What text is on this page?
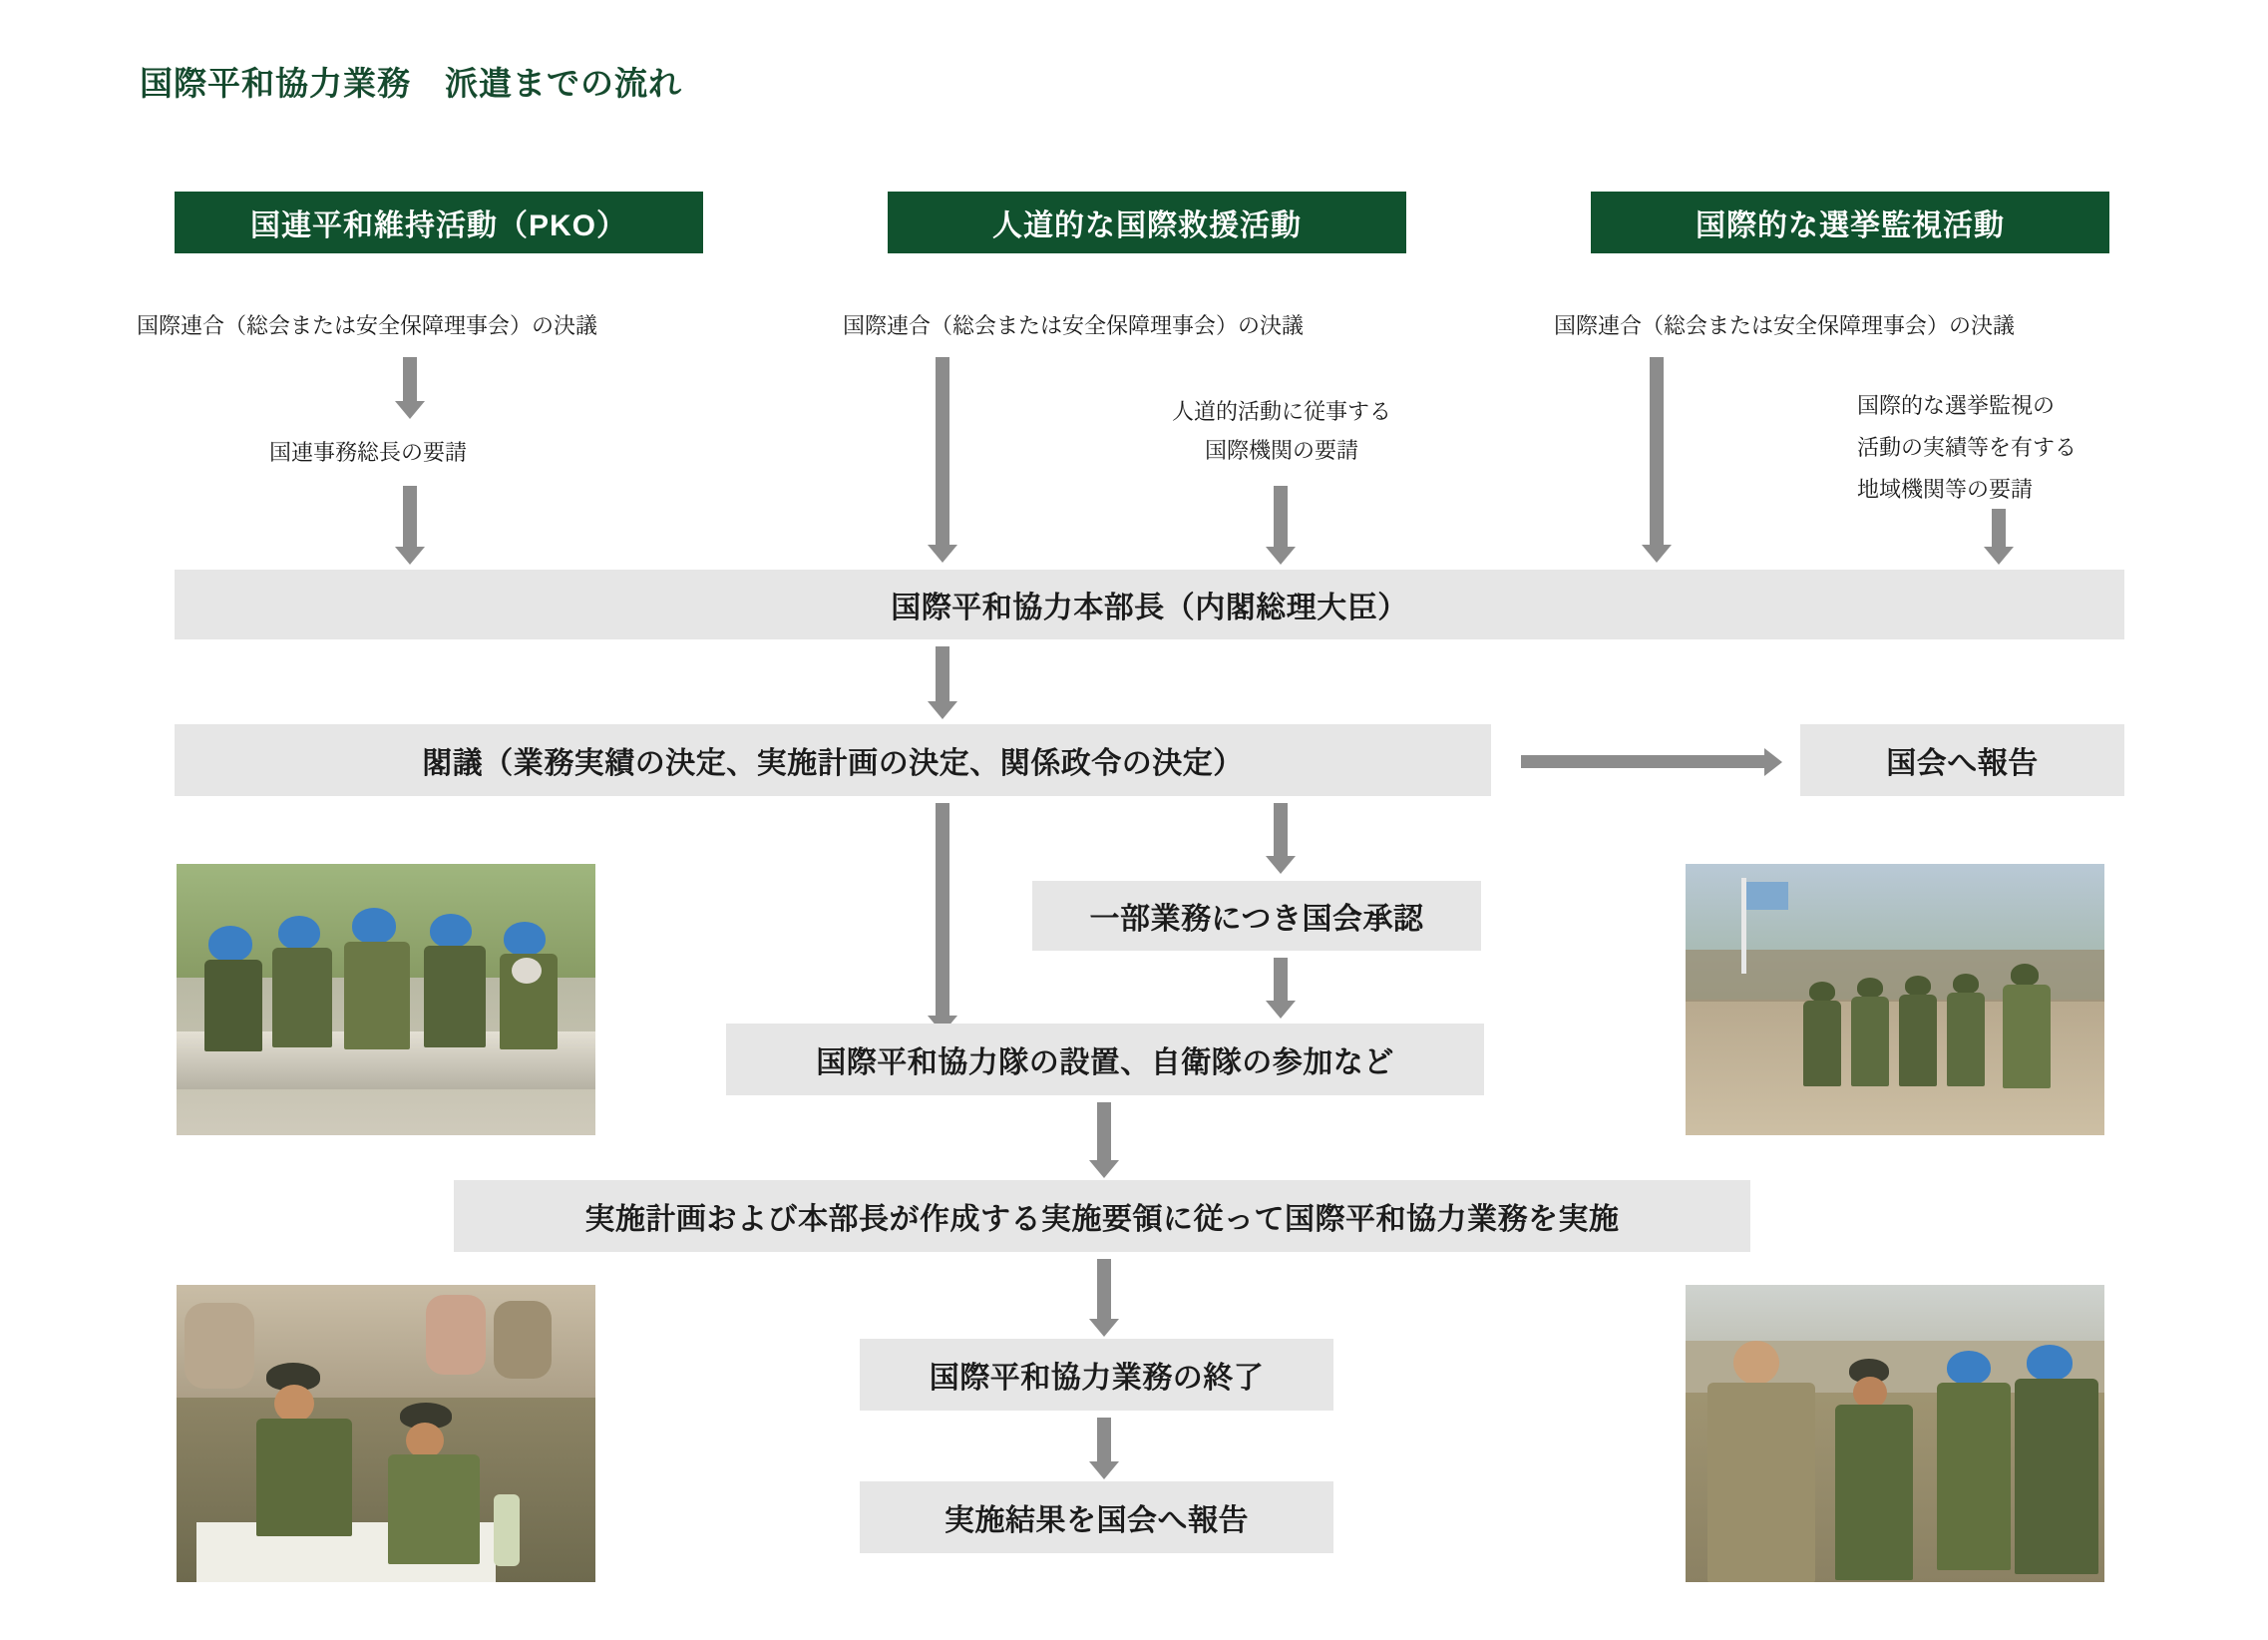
国際平和協力業務　派遣までの流れ
国連平和維持活動（PKO）
国際連合（総会または安全保障理事会）の決議
国連事務総長の要請
人道的な国際救援活動
国際連合（総会または安全保障理事会）の決議
人道的活動に従事する
国際機関の要請
国際的な選挙監視活動
国際連合（総会または安全保障理事会）の決議
国際的な選挙監視の
活動の実績等を有する
地域機関等の要請
国際平和協力本部長（内閣総理大臣）
閣議（業務実績の決定、実施計画の決定、関係政令の決定）	国会へ報告
一部業務につき国会承認
国際平和協力隊の設置、自衛隊の参加など
実施計画および本部長が作成する実施要領に従って国際平和協力業務を実施
国際平和協力業務の終了
実施結果を国会へ報告
